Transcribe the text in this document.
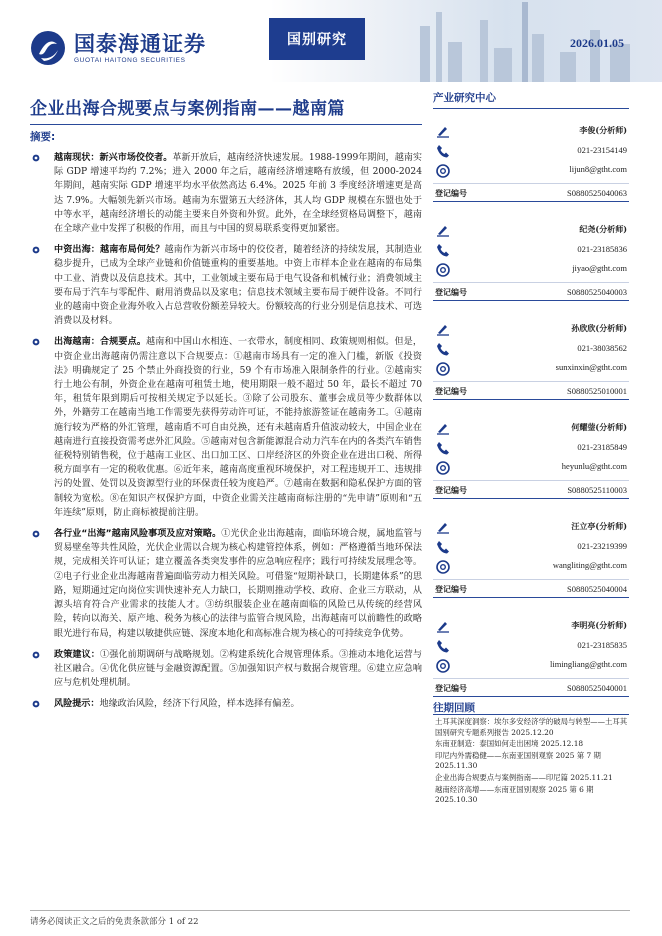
国泰海通证券
GUOTAI HAITONG SECURITIES
国别研究	2026.01.05
企业出海合规要点与案例指南——越南篇
摘要:
越南现状：新兴市场佼佼者。革新开放后，越南经济快速发展。1988-1999年期间，越南实际 GDP 增速平均约 7.2%；进入 2000 年之后，越南经济增速略有放缓，但 2000-2024 年期间，越南实际 GDP 增速平均水平依然高达 6.4%。2025 年前 3 季度经济增速更是高达 7.9%。大幅领先新兴市场。越南为东盟第五大经济体，其人均 GDP 规模在东盟也处于中等水平，越南经济增长的动能主要来自外资和外贸。此外，在全球经贸格局调整下，越南在全球产业中发挥了积极的作用，而且与中国的贸易联系变得更加紧密。
中资出海：越南布局何处？越南作为新兴市场中的佼佼者，随着经济的持续发展，其制造业稳步提升，已成为全球产业链和价值链重构的重要基地。中资上市样本企业在越南的布局集中工业、消费以及信息技术。其中，工业领域主要布局于电气设备和机械行业；消费领域主要布局于汽车与零配件、耐用消费品以及家电；信息技术领域主要布局于硬件设备。不同行业的越南中资企业海外收入占总营收份额差异较大。份额较高的行业分别是信息技术、可选消费以及材料。
出海越南：合规要点。越南和中国山水相连、一衣带水，制度相同、政策规则相似。但是，中资企业出海越南仍需注意以下合规要点：①越南市场具有一定的准入门槛，新版《投资法》明确规定了 25 个禁止外商投资的行业，59 个有市场准入限制条件的行业。②越南实行土地公有制，外资企业在越南可租赁土地，使用期限一般不超过 50 年，最长不超过 70 年，租赁年限到期后可按相关规定予以延长。③除了公司股东、董事会成员等少数群体以外，外籍劳工在越南当地工作需要先获得劳动许可证，不能持旅游签证在越南务工。④越南施行较为严格的外汇管理，越南盾不可自由兑换，还有未越南盾升值波动较大，中国企业在越南进行直接投资需考虑外汇风险。⑤越南对包含新能源混合动力汽车在内的各类汽车销售征税特别销售税，位于越南工业区、出口加工区、口岸经济区的外资企业在进出口税、所得税方面享有一定的税收优惠。⑥近年来，越南高度重视环境保护，对工程违规开工、违规排污的处置、处罚以及资源型行业的环保责任较为度趋严。⑦越南在数据和隐私保护方面的管制较为宽松。⑧在知识产权保护方面，中资企业需关注越南商标注册的“先申请”原则和“五年连续”原则，防止商标被提前注册。
各行业“出海”越南风险事项及应对策略。①光伏企业出海越南，面临环境合规，属地监管与贸易壁垒等共性风险，光伏企业需以合规为核心构建管控体系，例如：严格遵循当地环保法规，完成相关许可认证；建立覆盖各类突发事件的应急响应程序；践行可持续发展理念等。②电子行业企业出海越南普遍面临劳动力相关风险。可借鉴“短期补缺口，长期建体系”的思路，短期通过定向岗位实训快速补充人力缺口，长期则推动学校、政府、企业三方联动，从源头培育符合产业需求的技能人才。③纺织服装企业在越南面临的风险已从传统的经营风险，转向以海关、原产地、税务为核心的法律与监管合规风险，出海越南可以前瞻性的政略眼光进行布局，构建以敏捷供应链、深度本地化和高标准合规为核心的可持续竞争优势。
政策建议：①强化前期调研与战略规划。②构建系统化合规管理体系。③推动本地化运营与社区融合。④优化供应链与金融资源配置。⑤加强知识产权与数据合规管理。⑥建立应急响应与危机处理机制。
风险提示：地缘政治风险，经济下行风险，样本选择有偏差。
产业研究中心
李俊(分析师)
021-23154149
lijun8@gtht.com
登记编号	S0880525040063
纪尧(分析师)
021-23185836
jiyao@gtht.com
登记编号	S0880525040003
孙欣欣(分析师)
021-38038562
sunxinxin@gtht.com
登记编号	S0880525010001
何耀蓥(分析师)
021-23185849
heyunlu@gtht.com
登记编号	S0880525110003
汪立亭(分析师)
021-23219399
wangliting@gtht.com
登记编号	S0880525040004
李明亮(分析师)
021-23185835
limingliang@gtht.com
登记编号	S0880525040001
往期回顾
土耳其深度洞察：埃尔多安经济学的破局与转型——土耳其国别研究专题系列报告 2025.12.20
东南亚制造：泰国如何走出困境 2025.12.18
印尼内外需稳健——东南亚国别观察 2025 第 7 期 2025.11.30
企业出海合规要点与案例指南——印尼篇 2025.11.21
越南经济高增——东南亚国别观察 2025 第 6 期 2025.10.30
请务必阅读正文之后的免责条款部分 1 of 22
